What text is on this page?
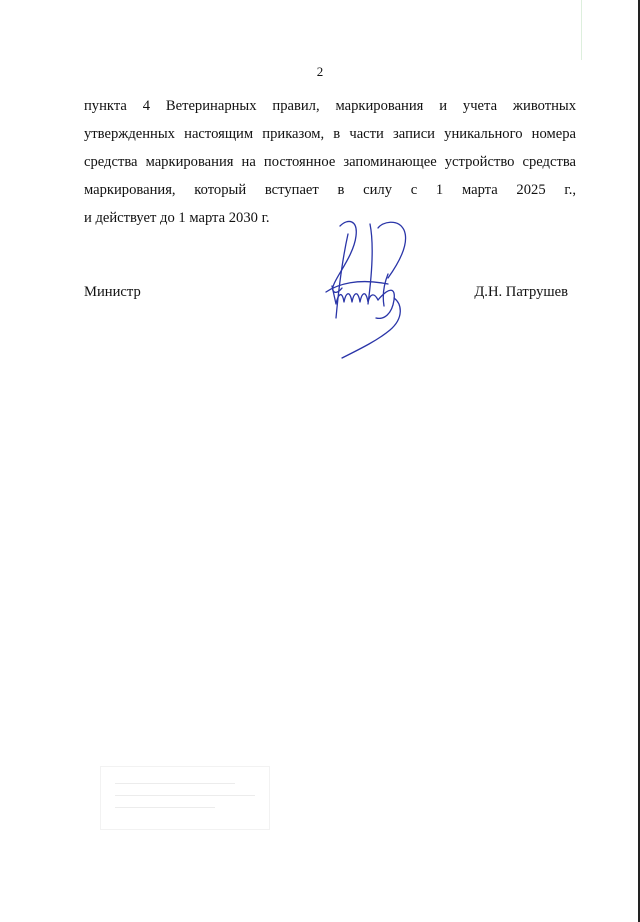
2
пункта 4 Ветеринарных правил, маркирования и учета животных
утвержденных настоящим приказом, в части записи уникального номера
средства маркирования на постоянное запоминающее устройство средства
маркирования, который вступает в силу с 1 марта 2025 г.,
и действует до 1 марта 2030 г.
Министр	Д.Н. Патрушев
